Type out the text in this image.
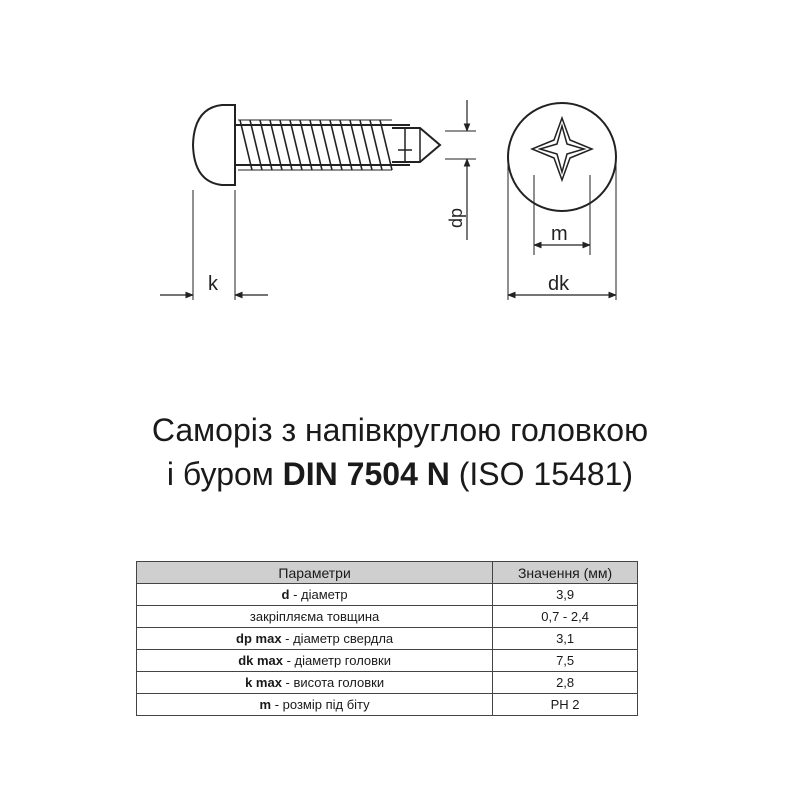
k
dp
m
dk
Саморіз з напівкруглою головкою
і буром DIN 7504 N (ISO 15481)
Параметри	Значення (мм)
d - діаметр	3,9
закріпляєма товщина	0,7 - 2,4
dp max - діаметр свердла	3,1
dk max - діаметр головки	7,5
k max - висота головки	2,8
m - розмір під біту	PH 2
